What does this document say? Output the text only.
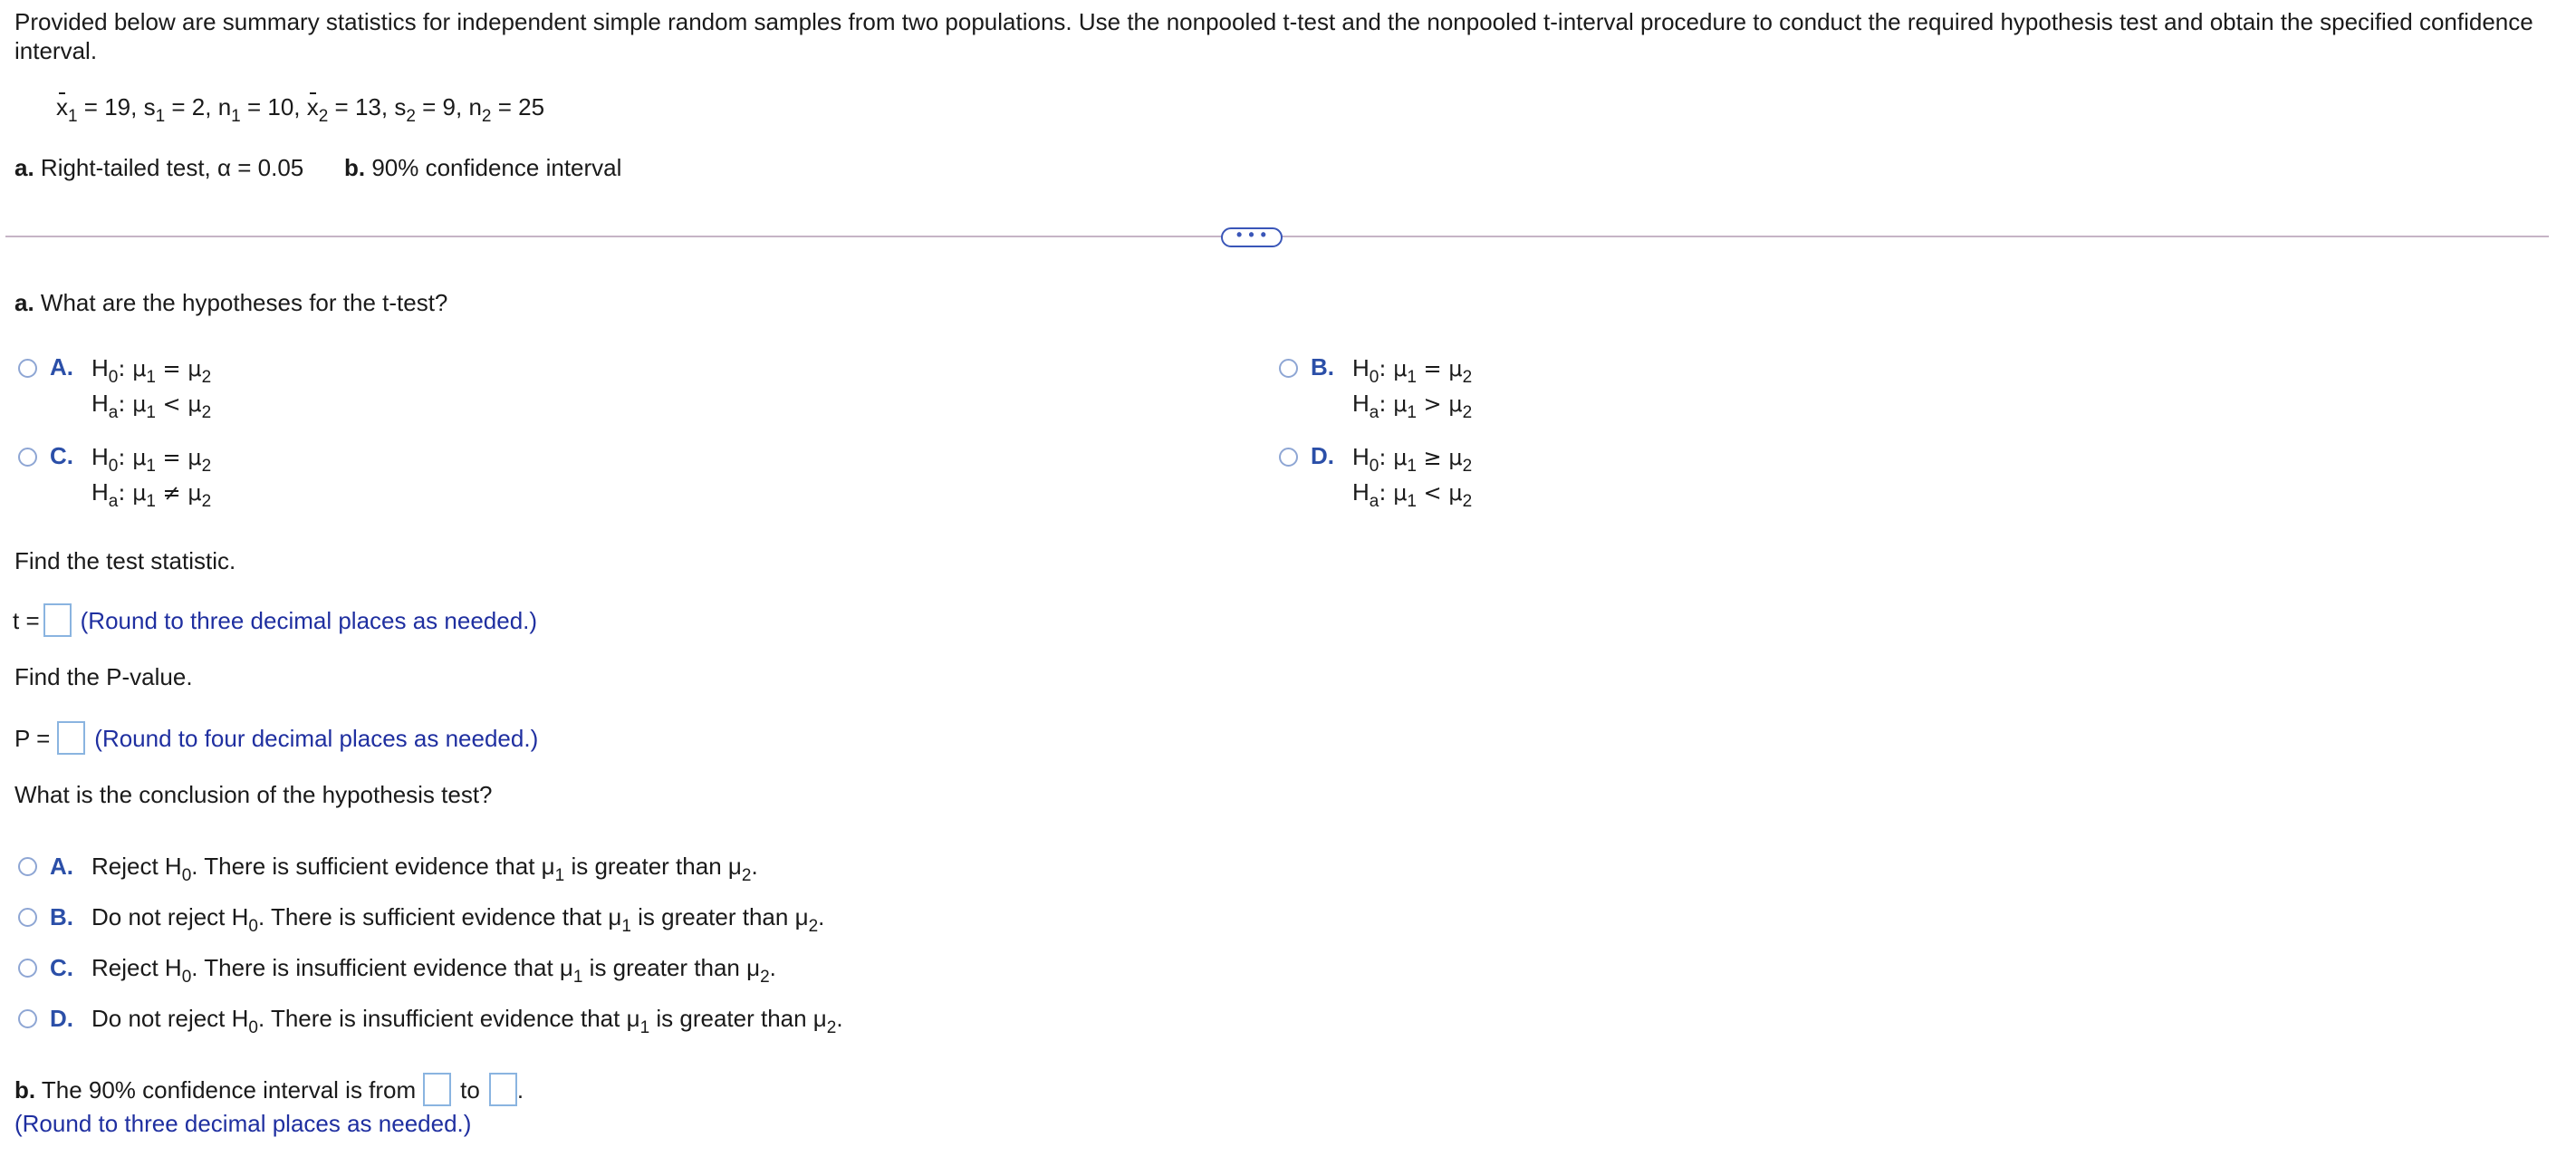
Provided below are summary statistics for independent simple random samples from two populations. Use the nonpooled t-test and the nonpooled t-interval procedure to conduct the required hypothesis test and obtain the specified confidence interval.
$x_1 = 19$, $s_1 = 2$, $n_1 = 10$, $x_2 = 13$, $s_2 = 9$, $n_2 = 25$
a. Right-tailed test, α = 0.05 b. 90% confidence interval
• • •
a. What are the hypotheses for the t-test?
A. $H_0$: $\mu_1 = \mu_2$
$H_a$: $\mu_1 < \mu_2$
B. $H_0$: $\mu_1 = \mu_2$
$H_a$: $\mu_1 > \mu_2$
C. $H_0$: $\mu_1 = \mu_2$
$H_a$: $\mu_1 \ne \mu_2$
D. $H_0$: $\mu_1 \ge \mu_2$
$H_a$: $\mu_1 < \mu_2$
Find the test statistic.
t = (Round to three decimal places as needed.)
Find the P-value.
P = (Round to four decimal places as needed.)
What is the conclusion of the hypothesis test?
A. Reject $H_0$. There is sufficient evidence that $\mu_1$ is greater than $\mu_2$.
B. Do not reject $H_0$. There is sufficient evidence that $\mu_1$ is greater than $\mu_2$.
C. Reject $H_0$. There is insufficient evidence that $\mu_1$ is greater than $\mu_2$.
D. Do not reject $H_0$. There is insufficient evidence that $\mu_1$ is greater than $\mu_2$.
b. The 90% confidence interval is from to .
(Round to three decimal places as needed.)
